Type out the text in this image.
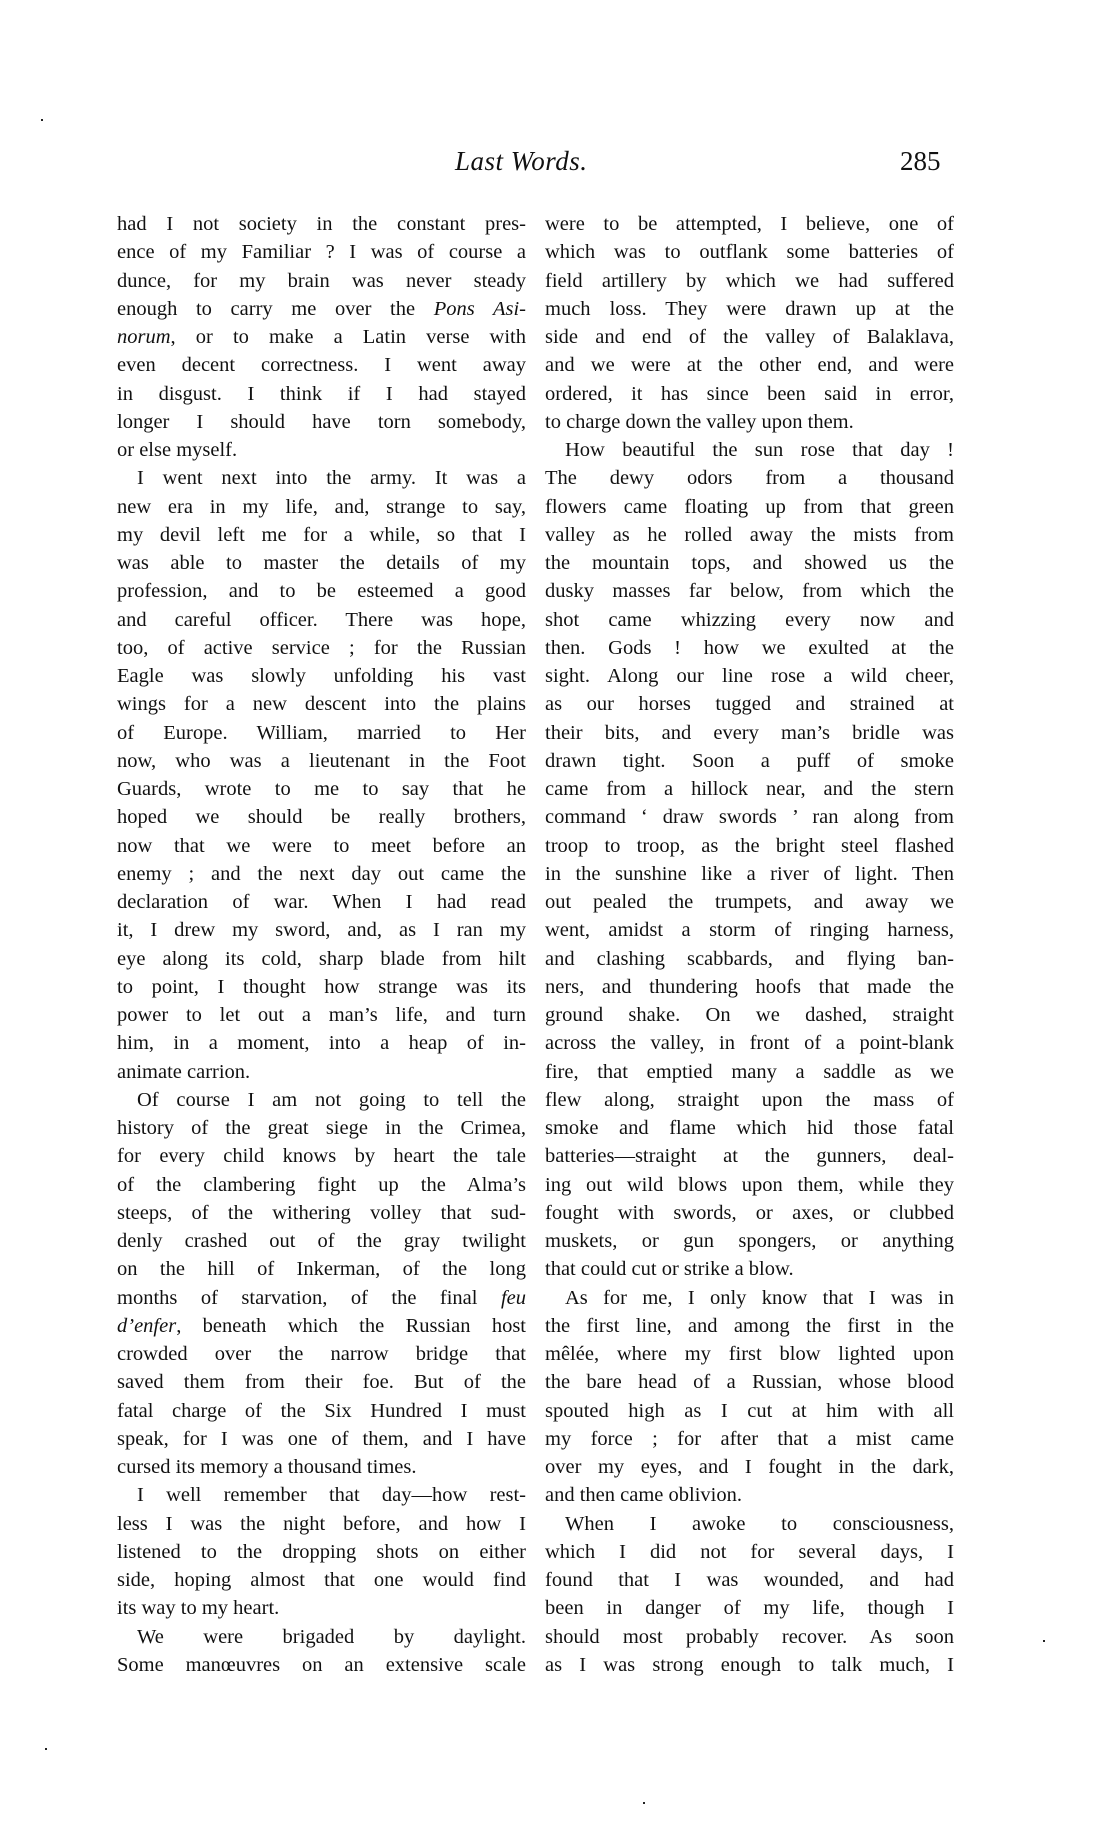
Last Words.	285
had I not society in the constant pres-
ence of my Familiar ? I was of course a
dunce, for my brain was never steady
enough to carry me over the Pons Asi-
norum, or to make a Latin verse with
even decent correctness. I went away
in disgust. I think if I had stayed
longer I should have torn somebody,
or else myself.
I went next into the army. It was a
new era in my life, and, strange to say,
my devil left me for a while, so that I
was able to master the details of my
profession, and to be esteemed a good
and careful officer. There was hope,
too, of active service ; for the Russian
Eagle was slowly unfolding his vast
wings for a new descent into the plains
of Europe. William, married to Her
now, who was a lieutenant in the Foot
Guards, wrote to me to say that he
hoped we should be really brothers,
now that we were to meet before an
enemy ; and the next day out came the
declaration of war. When I had read
it, I drew my sword, and, as I ran my
eye along its cold, sharp blade from hilt
to point, I thought how strange was its
power to let out a man’s life, and turn
him, in a moment, into a heap of in-
animate carrion.
Of course I am not going to tell the
history of the great siege in the Crimea,
for every child knows by heart the tale
of the clambering fight up the Alma’s
steeps, of the withering volley that sud-
denly crashed out of the gray twilight
on the hill of Inkerman, of the long
months of starvation, of the final feu
d’enfer, beneath which the Russian host
crowded over the narrow bridge that
saved them from their foe. But of the
fatal charge of the Six Hundred I must
speak, for I was one of them, and I have
cursed its memory a thousand times.
I well remember that day—how rest-
less I was the night before, and how I
listened to the dropping shots on either
side, hoping almost that one would find
its way to my heart.
We were brigaded by daylight.
Some manœuvres on an extensive scale
were to be attempted, I believe, one of
which was to outflank some batteries of
field artillery by which we had suffered
much loss. They were drawn up at the
side and end of the valley of Balaklava,
and we were at the other end, and were
ordered, it has since been said in error,
to charge down the valley upon them.
How beautiful the sun rose that day !
The dewy odors from a thousand
flowers came floating up from that green
valley as he rolled away the mists from
the mountain tops, and showed us the
dusky masses far below, from which the
shot came whizzing every now and
then. Gods ! how we exulted at the
sight. Along our line rose a wild cheer,
as our horses tugged and strained at
their bits, and every man’s bridle was
drawn tight. Soon a puff of smoke
came from a hillock near, and the stern
command ‘ draw swords ’ ran along from
troop to troop, as the bright steel flashed
in the sunshine like a river of light. Then
out pealed the trumpets, and away we
went, amidst a storm of ringing harness,
and clashing scabbards, and flying ban-
ners, and thundering hoofs that made the
ground shake. On we dashed, straight
across the valley, in front of a point-blank
fire, that emptied many a saddle as we
flew along, straight upon the mass of
smoke and flame which hid those fatal
batteries—straight at the gunners, deal-
ing out wild blows upon them, while they
fought with swords, or axes, or clubbed
muskets, or gun spongers, or anything
that could cut or strike a blow.
As for me, I only know that I was in
the first line, and among the first in the
mêlée, where my first blow lighted upon
the bare head of a Russian, whose blood
spouted high as I cut at him with all
my force ; for after that a mist came
over my eyes, and I fought in the dark,
and then came oblivion.
When I awoke to consciousness,
which I did not for several days, I
found that I was wounded, and had
been in danger of my life, though I
should most probably recover. As soon
as I was strong enough to talk much, I
